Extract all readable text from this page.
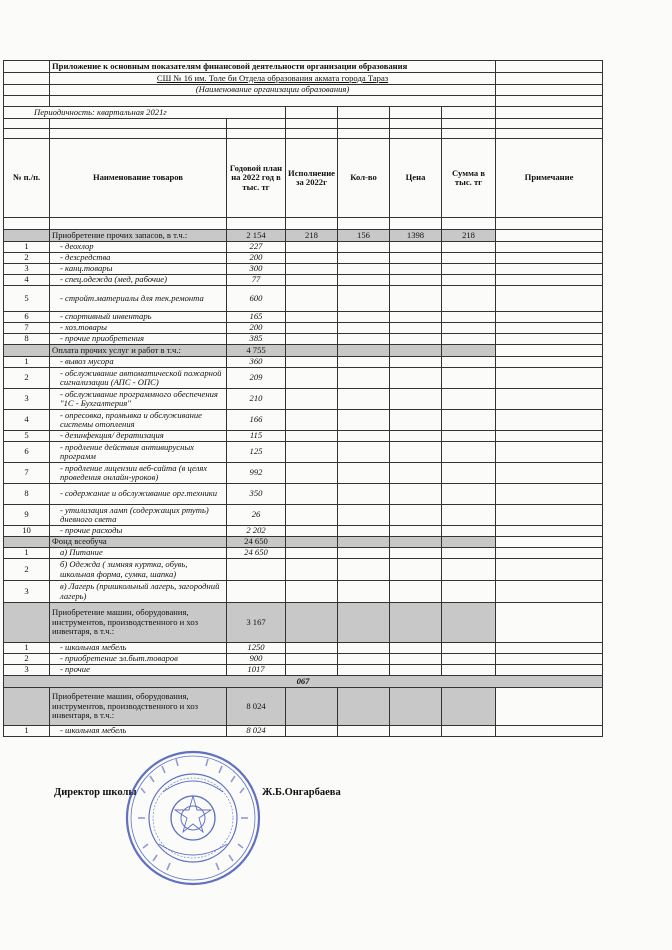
	Приложение к основным показателям финансовой деятельности организации образования						
	СШ № 16 им. Толе би Отдела образования акмата города Тараз						
	(Наименование организации образования)						

Периодичность: квартальная 2021г							

№ п./п.	Наименование товаров	Годовой план на 2022 год в тыс. тг	Исполнение за 2022г	Кол-во	Цена	Сумма в тыс. тг	Примечание

	Приобретение прочих запасов, в т.ч.:	2 154	218	156	1398	218	
1	- деохлор	227					
2	- дезсредства	200					
3	- канц.товары	300					
4	- спец.одежда (мед, рабочие)	77					
5	- стройт.материалы для тек.ремонта	600					
6	- спортивный инвентарь	165					
7	- хоз.товары	200					
8	- прочие приобретения	385					
	Оплата прочих услуг и работ в т.ч.:	4 755					
1	- вывоз мусора	360					
2	- обслуживание автоматической пожарной сигнализации (АПС - ОПС)	209					
3	- обслуживание программного обеспечения "1С - Бухгалтерия"	210					
4	- опресовка, промывка и обслуживание системы отопления	166					
5	- дезинфекция/ дератизация	115					
6	- продление действия антивирусных программ	125					
7	- продление лицензии веб-сайта (в целях проведения онлайн-уроков)	992					
8	- содержание и обслуживание орг.техники	350					
9	- утилизация ламп (содержащих ртуть) дневного света	26					
10	- прочие расходы	2 202					
	Фонд всеобуча	24 650					
1	а) Питание	24 650					
2	б) Одежда ( зимняя куртка, обувь, школьная форма, сумка, шапка)						
3	в) Лагерь (пришкольный лагерь, загородний лагерь)						
	Приобретение машин, оборудования, инструментов, производственного и хоз инвентаря, в т.ч.:	3 167					
1	- школьная мебель	1250					
2	- приобретение эл.быт.товаров	900					
3	- прочие	1017					
067							
	Приобретение машин, оборудования, инструментов, производственного и хоз инвентаря, в т.ч.:	8 024					
1	- школьная мебель	8 024					
Директор школы	Ж.Б.Онгарбаева
